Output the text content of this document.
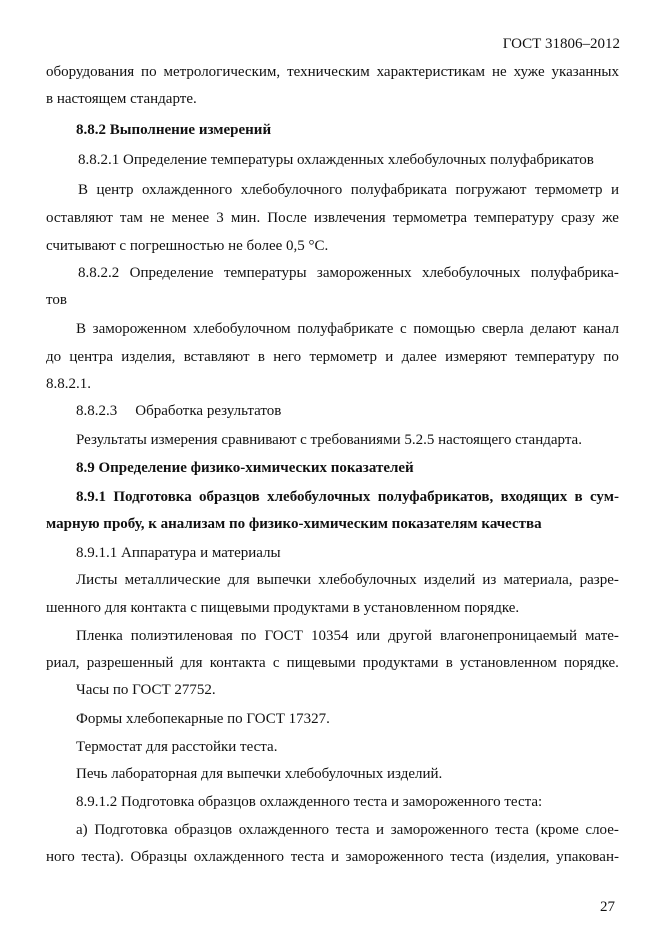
ГОСТ 31806–2012
оборудования по метрологическим, техническим характеристикам не хуже указанных
в настоящем стандарте.
8.8.2 Выполнение измерений
8.8.2.1 Определение температуры охлажденных хлебобулочных полуфабрикатов
В центр охлажденного хлебобулочного полуфабриката погружают термометр и
оставляют там не менее 3 мин. После извлечения термометра температуру сразу же
считывают с погрешностью не более 0,5 °С.
8.8.2.2 Определение температуры замороженных хлебобулочных полуфабрика-
тов
В замороженном хлебобулочном полуфабрикате с помощью сверла делают канал
до центра изделия, вставляют в него термометр и далее измеряют температуру по
8.8.2.1.
8.8.2.3 Обработка результатов
Результаты измерения сравнивают с требованиями 5.2.5 настоящего стандарта.
8.9 Определение физико-химических показателей
8.9.1 Подготовка образцов хлебобулочных полуфабрикатов, входящих в сум-
марную пробу, к анализам по физико-химическим показателям качества
8.9.1.1 Аппаратура и материалы
Листы металлические для выпечки хлебобулочных изделий из материала, разре-
шенного для контакта с пищевыми продуктами в установленном порядке.
Пленка полиэтиленовая по ГОСТ 10354 или другой влагонепроницаемый мате-
риал, разрешенный для контакта с пищевыми продуктами в установленном порядке.
Часы по ГОСТ 27752.
Формы хлебопекарные по ГОСТ 17327.
Термостат для расстойки теста.
Печь лабораторная для выпечки хлебобулочных изделий.
8.9.1.2 Подготовка образцов охлажденного теста и замороженного теста:
а) Подготовка образцов охлажденного теста и замороженного теста (кроме слое-
ного теста). Образцы охлажденного теста и замороженного теста (изделия, упакован-
27
